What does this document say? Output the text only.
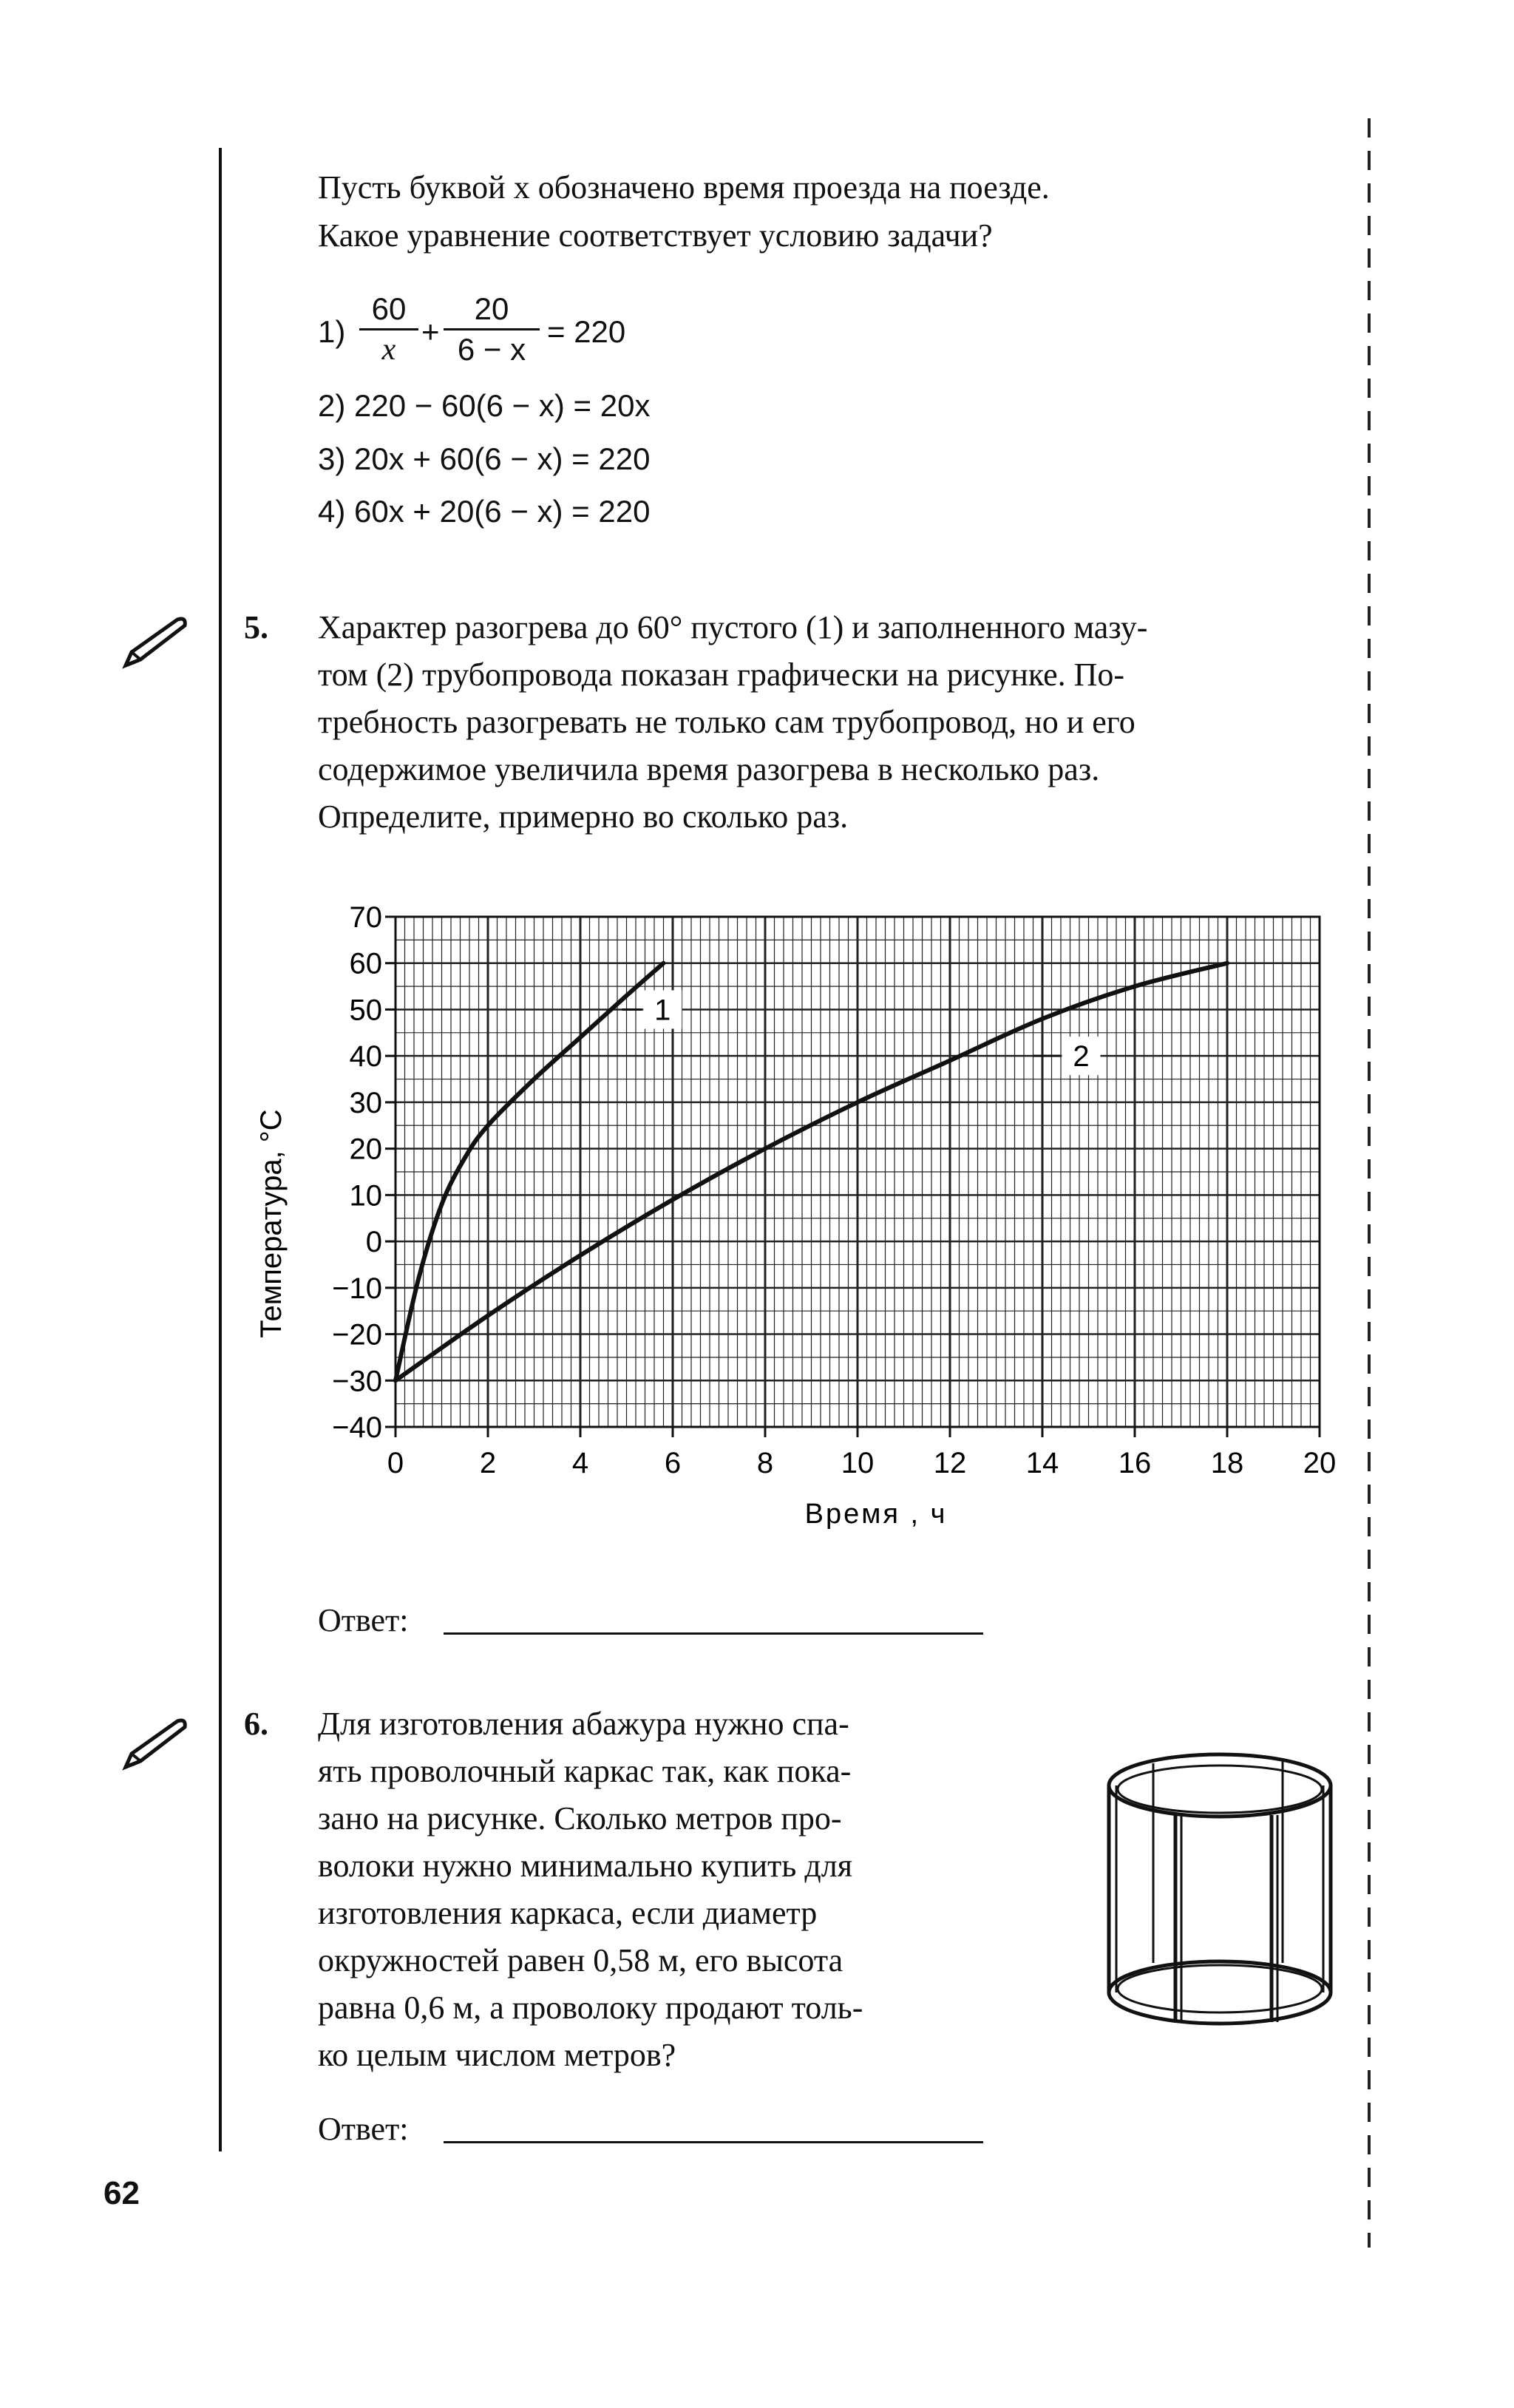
Пусть буквой x обозначено время проезда на поезде.
Какое уравнение соответствует условию задачи?
$1) \frac{60}{x} + \frac{20}{6 - x} = 220$
2) 220 − 60(6 − x) = 20x
3) 20x + 60(6 − x) = 220
4) 60x + 20(6 − x) = 220
5. Характер разогрева до 60° пустого (1) и заполненного мазу-
том (2) трубопровода показан графически на рисунке. По-
требность разогревать не только сам трубопровод, но и его
содержимое увеличила время разогрева в несколько раз.
Определите, примерно во сколько раз.
1
2
−40
−30
−20
−10
0
10
20
30
40
50
60
70
0	2	4	6	8 10 12 14 16 18 20
Температура, °С
Время , ч
Ответ:
6. Для изготовления абажура нужно спа-
ять проволочный каркас так, как пока-
зано на рисунке. Сколько метров про-
волоки нужно минимально купить для
изготовления каркаса, если диаметр
окружностей равен 0,58 м, его высота
равна 0,6 м, а проволоку продают толь-
ко целым числом метров?
Ответ:
62
